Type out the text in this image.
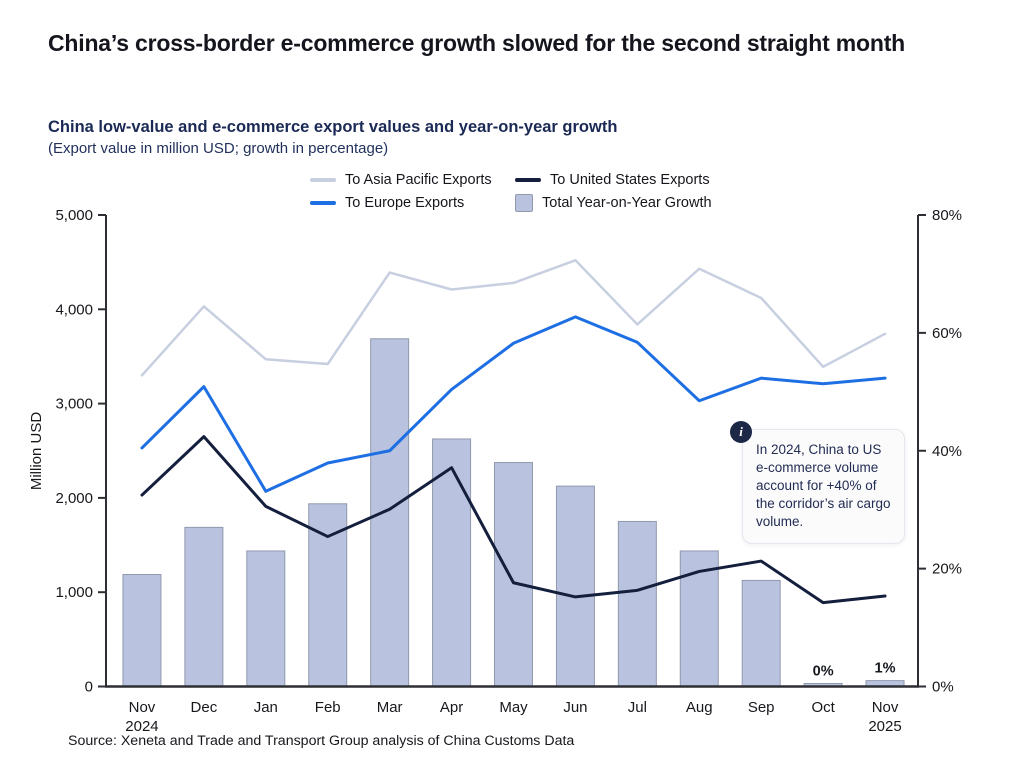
China’s cross-border e-commerce growth slowed for the second straight month
China low-value and e-commerce export values and year-on-year growth
(Export value in million USD; growth in percentage)
To Asia Pacific Exports	To United States Exports
To Europe Exports	Total Year-on-Year Growth
0
1,000
2,000
3,000
4,000
5,000
0%
20%
40%
60%
80%
Million USD
Nov
2024
Dec Jan Feb Mar Apr May Jun	Jul	Aug Sep Oct Nov
2025
0%	1%
i
In 2024, China to US e-commerce volume account for +40% of the corridor’s air cargo volume.
Source: Xeneta and Trade and Transport Group analysis of China Customs Data
